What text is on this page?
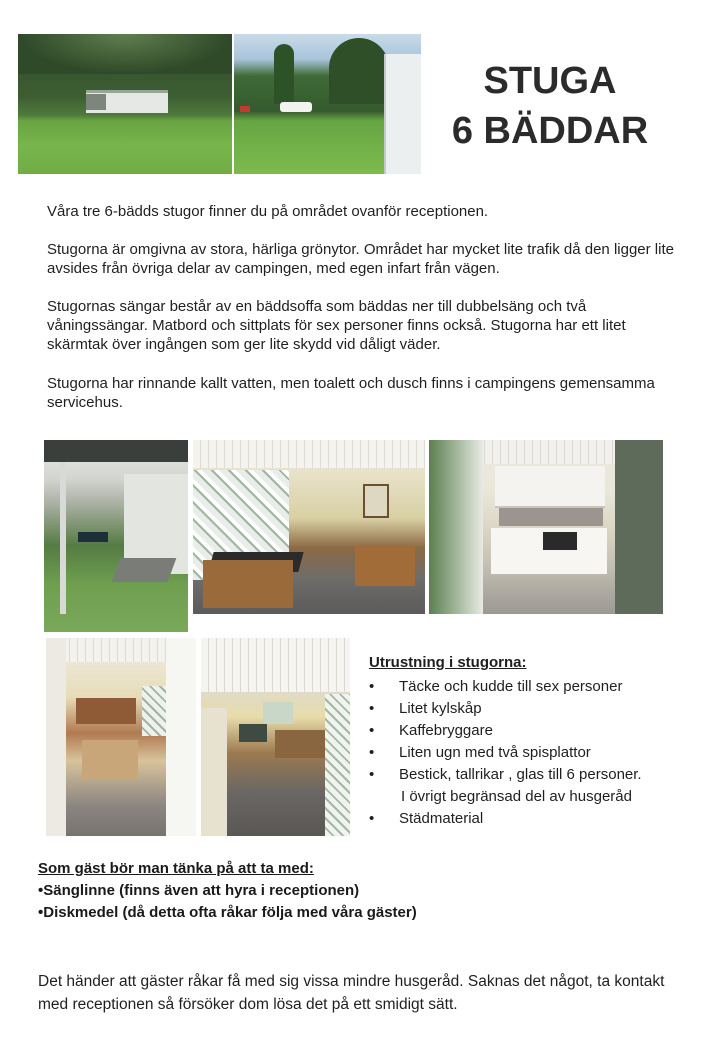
STUGA
6 BÄDDAR
Våra tre 6-bädds stugor finner du på området ovanför receptionen.
Stugorna är omgivna av stora, härliga grönytor. Området har mycket lite trafik då den ligger lite avsides från övriga delar av campingen, med egen infart från vägen.
Stugornas sängar består av en bäddsoffa som bäddas ner till dubbelsäng och två våningssängar. Matbord och sittplats för sex personer finns också. Stugorna har ett litet skärmtak över ingången som ger lite skydd vid dåligt väder.
Stugorna har rinnande kallt vatten, men toalett och dusch finns i campingens gemensamma servicehus.
Utrustning i stugorna:
• Täcke och kudde till sex personer
• Litet kylskåp
• Kaffebryggare
• Liten ugn med två spisplattor
• Bestick, tallrikar , glas till 6 personer.
I övrigt begränsad del av husgeråd
• Städmaterial
Som gäst bör man tänka på att ta med:
•Sänglinne (finns även att hyra i receptionen)
•Diskmedel (då detta ofta råkar följa med våra gäster)
Det händer att gäster råkar få med sig vissa mindre husgeråd. Saknas det något, ta kontakt med receptionen så försöker dom lösa det på ett smidigt sätt.
